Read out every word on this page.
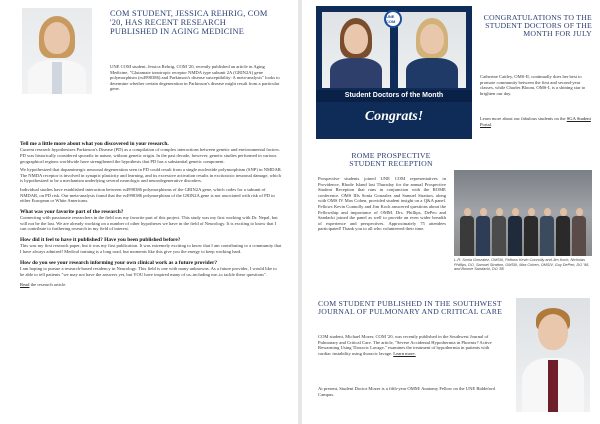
COM STUDENT, JESSICA REHRIG, COM '20, HAS RECENT RESEARCH PUBLISHED IN AGING MEDICINE

UNE COM student, Jessica Rehrig, COM '20, recently published an article in Aging Medicine, "Glutamate ionotropic receptor NMDA type subunit 2A (GRIN2A) gene polymorphism (rs4998386) and Parkinson's disease susceptibility: A meta-analysis" looks to determine whether certain degeneration in Parkinson's disease might result from a particular gene.

Tell me a little more about what you discovered in your research.

Current research hypothesizes Parkinson's Disease (PD) as a compilation of complex interactions between genetic and environmental factors. PD was historically considered sporadic in nature, without genetic origin. In the past decade, however, genetic studies performed in various geographical regions worldwide have strengthened the hypothesis that PD has a substantial genetic component.

We hypothesized that dopaminergic neuronal degeneration seen in PD could result from a single nucleotide polymorphism (SNP) in NMDAR. The NMDA receptor is involved in synaptic plasticity and learning, and its excessive activation results in excitotoxic neuronal damage, which is hypothesized to be a mechanism underlying several neurologic and neurodegenerative disorders.

Individual studies have established interaction between rs4998386 polymorphisms of the GRIN2A gene, which codes for a subunit of NMDAR, on PD risk. Our meta-analysis found that the rs4998386 polymorphism of the GRIN2A gene is not associated with risk of PD in either European or White Americans.

What was your favorite part of the research?

Connecting with passionate researchers in the field was my favorite part of this project. This study was my first working with Dr. Nepal, but will not be the last. We are already working on a number of other hypotheses we have in the field of Neurology. It is exciting to know that I can contribute to furthering research in my field of interest.

How did it feel to have it published? Have you been published before?

This was my first research paper, but it was my first publication. It was extremely exciting to know that I am contributing to a community that I have always admired! Medical training is a long road, but moments like this give you the energy to keep working hard.

How do you see your research informing your own clinical work as a future provider?

I am hoping to pursue a research-based residency in Neurology. This field is one with many unknowns. As a future provider, I would like to be able to tell patients "we may not have the answers yet, but YOU have inspired many of us–including me–to tackle these questions".

Read the research article.

UNE COM
Student Doctors of the Month
Congrats!
CONGRATULATIONS TO THE STUDENT DOCTORS OF THE MONTH FOR JULY

Catherine Cattley, OMS-II, continually does her best to promote community between the first and second-year classes, while Charles Bloom, OMS-I, is a shining star to brighten our day.

Learn more about our fabulous students on the SGA Student Portal.

ROME PROSPECTIVE STUDENT RECEPTION

Prospective students joined UNE COM representatives in Providence, Rhode Island last Thursday for the annual Prospective Student Reception that runs in conjunction with the ROME conference. OMS IIIs Sonia Gonzalez and Samuel Stratton, along with OMS IV Max Cohen, provided student insight on a Q&A panel. Fellows Kevin Connolly and Jim Koch answered questions about the Fellowship and importance of OMM. Drs. Phillips, DePeo and Sandacki joined the panel as well to provide an even wider breadth of experience and perspectives. Approximately 75 attendees participated! Thank you to all who volunteered their time.

L-R: Sonia Gonzalez, OMSIII, Fellows Kevin Connolly and Jim Koch, Nicholas Phillips, DO, Samuel Stratton, OMSIII, Max Cohen, OMSIV, Guy DePeo, DO '98, and Bonnie Sandacki, DO '88

COM STUDENT PUBLISHED IN THE SOUTHWEST JOURNAL OF PULMONARY AND CRITICAL CARE

COM student, Michael Mozer, COM '20, was recently published in the Southwest Journal of Pulmonary and Critical Care. The article, "Severe Accidental Hypothermia in Phoenix? Active Rewarming Using Thoracic Lavage," examines the treatment of hypothermia in patients with cardiac instability using thoracic lavage. Learn more.

At present, Student Doctor Mozer is a fifth-year OMM/ Anatomy Fellow on the UNE Biddeford Campus.
